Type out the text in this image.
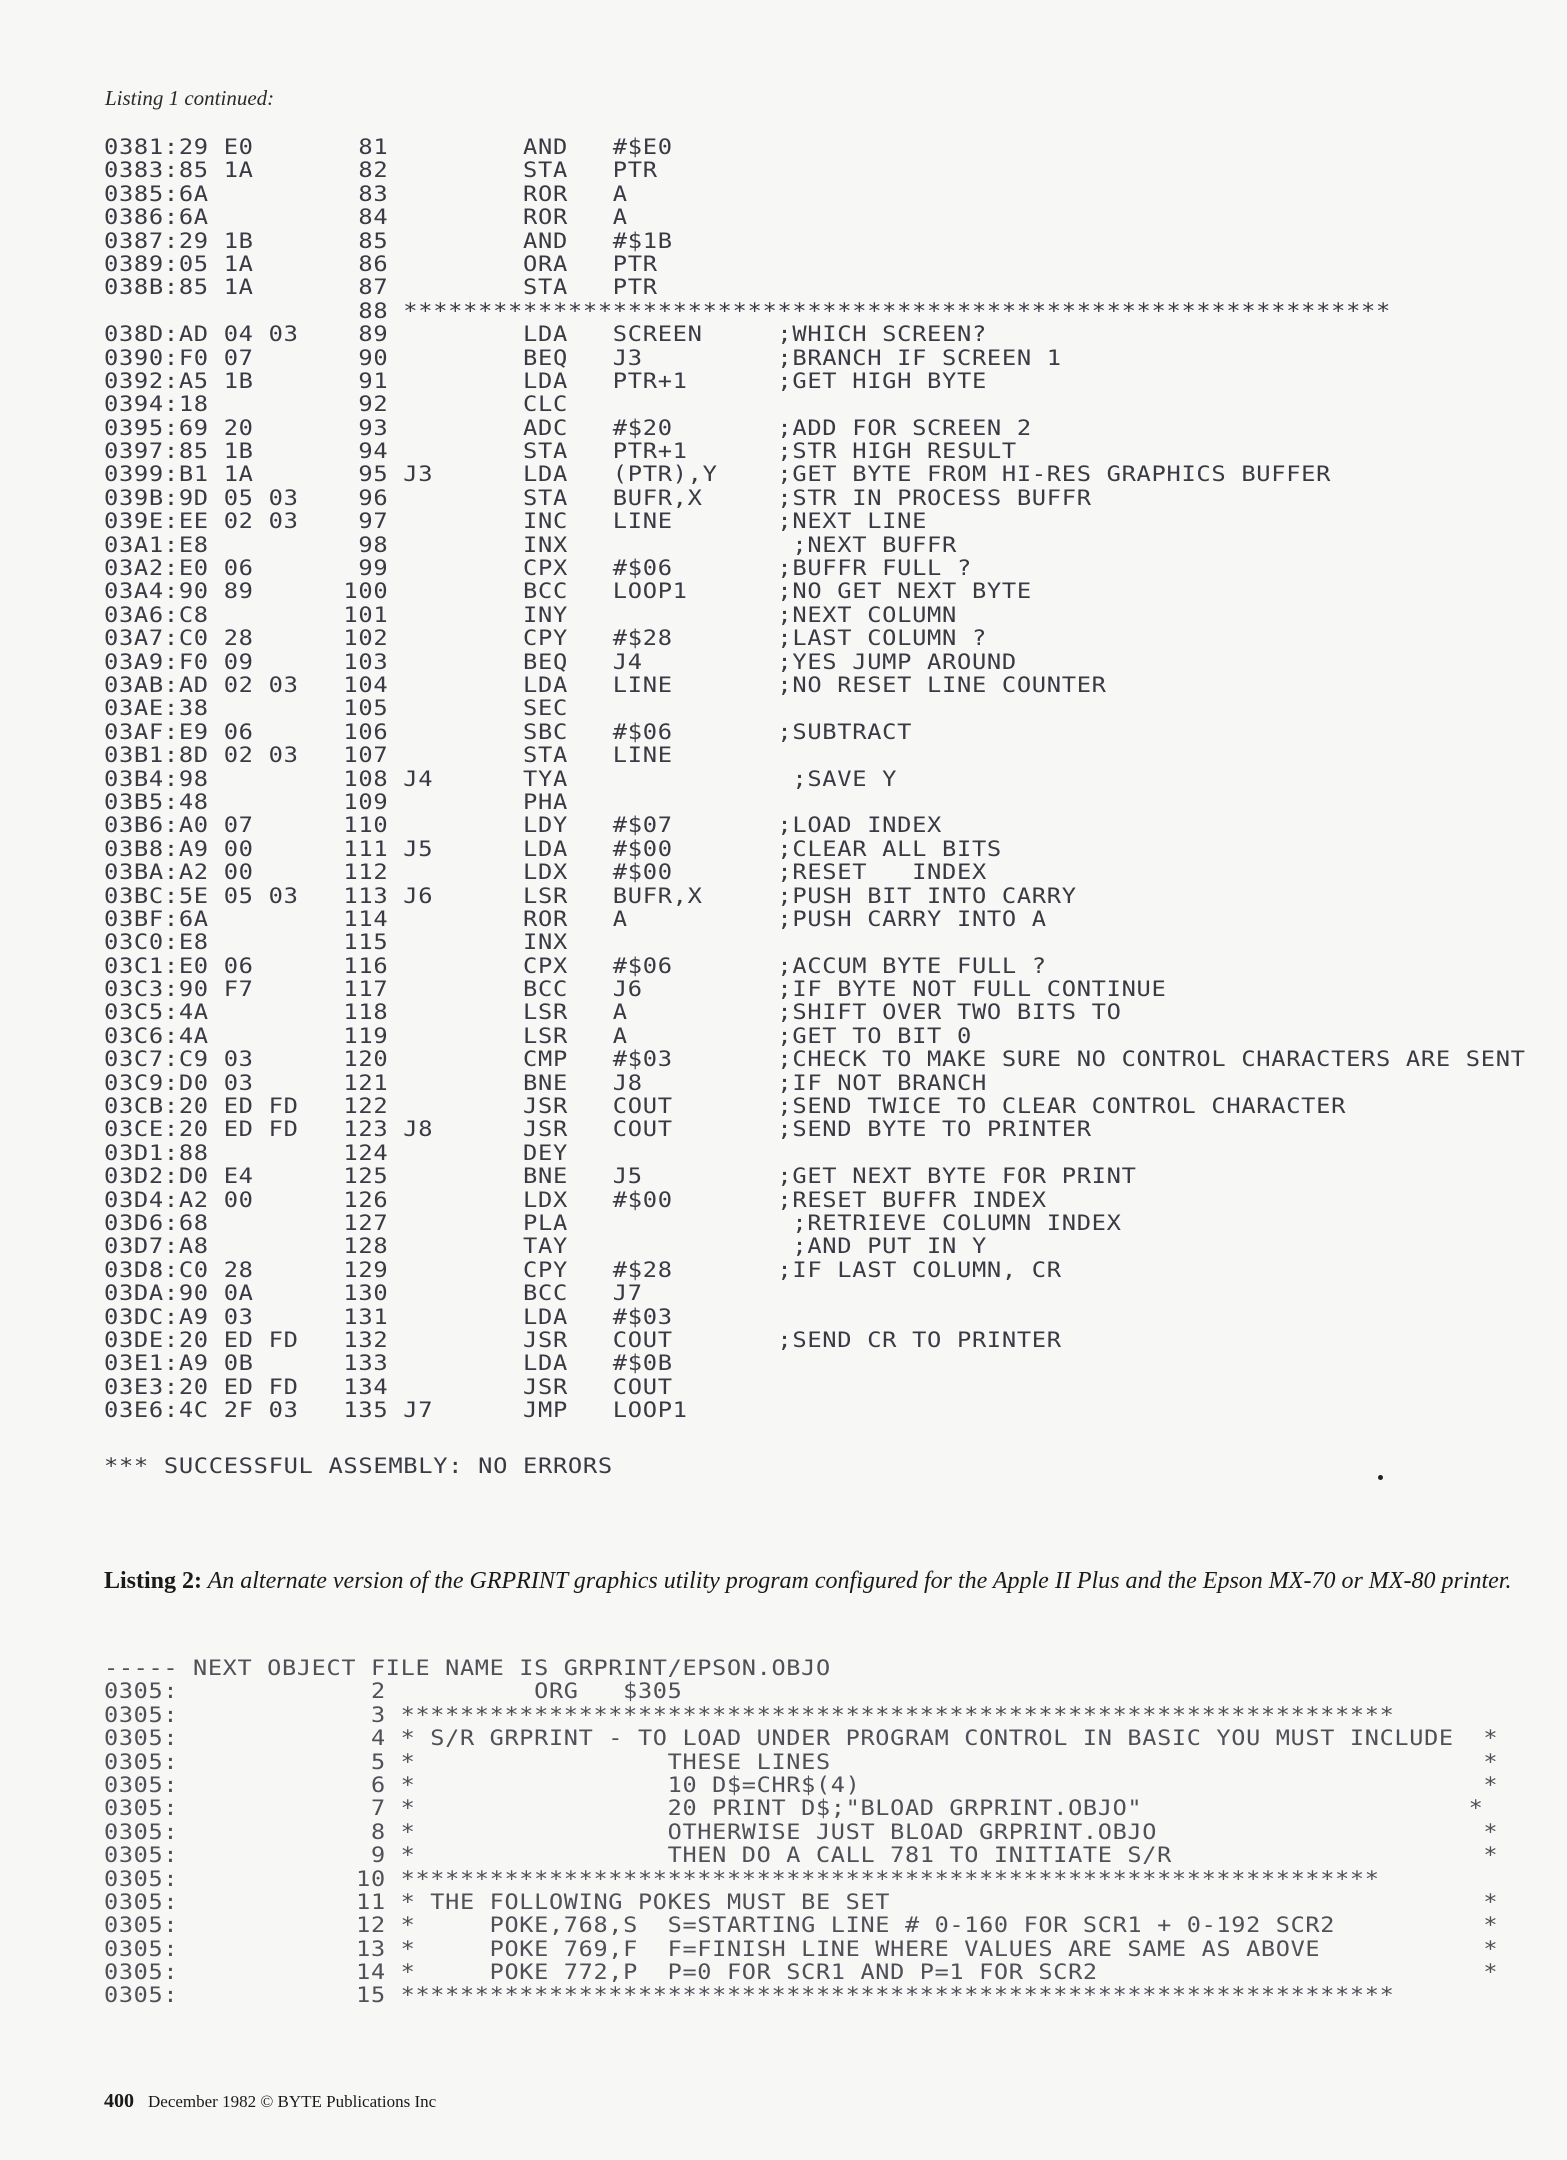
Listing 1 continued:
0381:29 E0       81         AND   #$E0
0383:85 1A       82         STA   PTR
0385:6A          83         ROR   A
0386:6A          84         ROR   A
0387:29 1B       85         AND   #$1B
0389:05 1A       86         ORA   PTR
038B:85 1A       87         STA   PTR
88 ******************************************************************
038D:AD 04 03    89         LDA   SCREEN     ;WHICH SCREEN?
0390:F0 07       90         BEQ   J3         ;BRANCH IF SCREEN 1
0392:A5 1B       91         LDA   PTR+1      ;GET HIGH BYTE
0394:18          92         CLC
0395:69 20       93         ADC   #$20       ;ADD FOR SCREEN 2
0397:85 1B       94         STA   PTR+1      ;STR HIGH RESULT
0399:B1 1A       95 J3      LDA   (PTR),Y    ;GET BYTE FROM HI-RES GRAPHICS BUFFER
039B:9D 05 03    96         STA   BUFR,X     ;STR IN PROCESS BUFFR
039E:EE 02 03    97         INC   LINE       ;NEXT LINE
03A1:E8          98         INX               ;NEXT BUFFR
03A2:E0 06       99         CPX   #$06       ;BUFFR FULL ?
03A4:90 89      100         BCC   LOOP1      ;NO GET NEXT BYTE
03A6:C8         101         INY              ;NEXT COLUMN
03A7:C0 28      102         CPY   #$28       ;LAST COLUMN ?
03A9:F0 09      103         BEQ   J4         ;YES JUMP AROUND
03AB:AD 02 03   104         LDA   LINE       ;NO RESET LINE COUNTER
03AE:38         105         SEC
03AF:E9 06      106         SBC   #$06       ;SUBTRACT
03B1:8D 02 03   107         STA   LINE
03B4:98         108 J4      TYA               ;SAVE Y
03B5:48         109         PHA
03B6:A0 07      110         LDY   #$07       ;LOAD INDEX
03B8:A9 00      111 J5      LDA   #$00       ;CLEAR ALL BITS
03BA:A2 00      112         LDX   #$00       ;RESET   INDEX
03BC:5E 05 03   113 J6      LSR   BUFR,X     ;PUSH BIT INTO CARRY
03BF:6A         114         ROR   A          ;PUSH CARRY INTO A
03C0:E8         115         INX
03C1:E0 06      116         CPX   #$06       ;ACCUM BYTE FULL ?
03C3:90 F7      117         BCC   J6         ;IF BYTE NOT FULL CONTINUE
03C5:4A         118         LSR   A          ;SHIFT OVER TWO BITS TO
03C6:4A         119         LSR   A          ;GET TO BIT 0
03C7:C9 03      120         CMP   #$03       ;CHECK TO MAKE SURE NO CONTROL CHARACTERS ARE SENT
03C9:D0 03      121         BNE   J8         ;IF NOT BRANCH
03CB:20 ED FD   122         JSR   COUT       ;SEND TWICE TO CLEAR CONTROL CHARACTER
03CE:20 ED FD   123 J8      JSR   COUT       ;SEND BYTE TO PRINTER
03D1:88         124         DEY
03D2:D0 E4      125         BNE   J5         ;GET NEXT BYTE FOR PRINT
03D4:A2 00      126         LDX   #$00       ;RESET BUFFR INDEX
03D6:68         127         PLA               ;RETRIEVE COLUMN INDEX
03D7:A8         128         TAY               ;AND PUT IN Y
03D8:C0 28      129         CPY   #$28       ;IF LAST COLUMN, CR
03DA:90 0A      130         BCC   J7
03DC:A9 03      131         LDA   #$03
03DE:20 ED FD   132         JSR   COUT       ;SEND CR TO PRINTER
03E1:A9 0B      133         LDA   #$0B
03E3:20 ED FD   134         JSR   COUT
03E6:4C 2F 03   135 J7      JMP   LOOP1
*** SUCCESSFUL ASSEMBLY: NO ERRORS
Listing 2: An alternate version of the GRPRINT graphics utility program configured for the Apple II Plus and the Epson MX-70 or MX-80 printer.
----- NEXT OBJECT FILE NAME IS GRPRINT/EPSON.OBJO
0305:             2          ORG   $305
0305:             3 *******************************************************************
0305:             4 * S/R GRPRINT - TO LOAD UNDER PROGRAM CONTROL IN BASIC YOU MUST INCLUDE  *
0305:             5 *                 THESE LINES                                            *
0305:             6 *                 10 D$=CHR$(4)                                          *
0305:             7 *                 20 PRINT D$;"BLOAD GRPRINT.OBJO"                      *
0305:             8 *                 OTHERWISE JUST BLOAD GRPRINT.OBJO                      *
0305:             9 *                 THEN DO A CALL 781 TO INITIATE S/R                     *
0305:            10 ******************************************************************
0305:            11 * THE FOLLOWING POKES MUST BE SET                                        *
0305:            12 *     POKE,768,S  S=STARTING LINE # 0-160 FOR SCR1 + 0-192 SCR2          *
0305:            13 *     POKE 769,F  F=FINISH LINE WHERE VALUES ARE SAME AS ABOVE           *
0305:            14 *     POKE 772,P  P=0 FOR SCR1 AND P=1 FOR SCR2                          *
0305:            15 *******************************************************************
400 December 1982 © BYTE Publications Inc
